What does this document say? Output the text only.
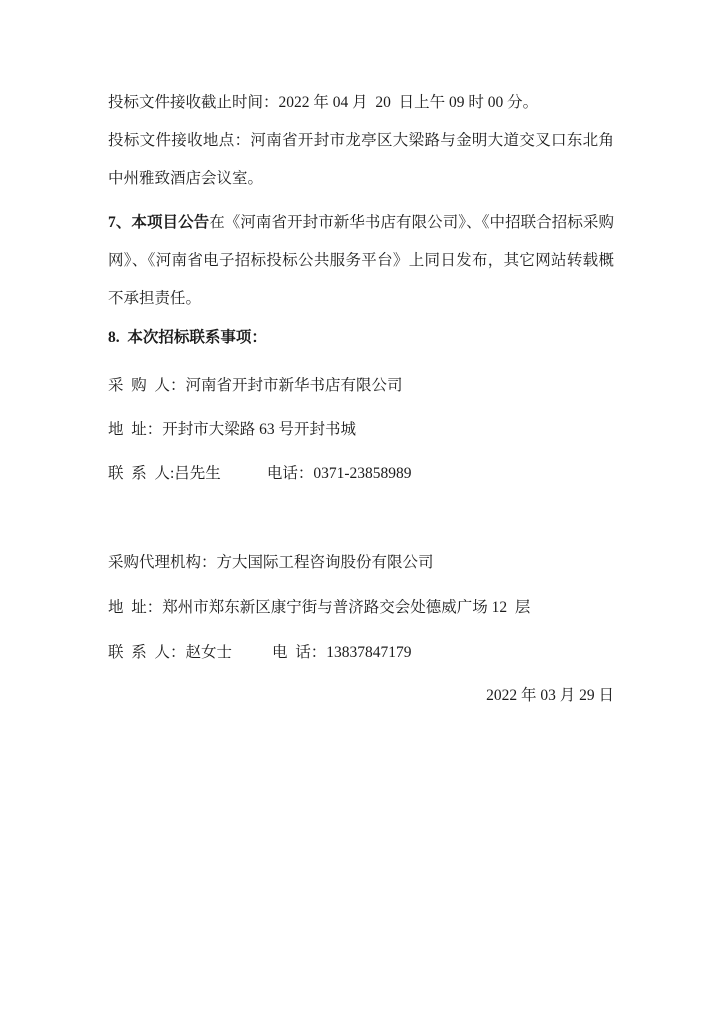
投标文件接收截止时间：2022 年 04 月  20  日上午 09 时 00 分。

投标文件接收地点：河南省开封市龙亭区大梁路与金明大道交叉口东北角中州雅致酒店会议室。

7、本项目公告在《河南省开封市新华书店有限公司》、《中招联合招标采购网》、《河南省电子招标投标公共服务平台》上同日发布，其它网站转载概不承担责任。

8.  本次招标联系事项：

采  购  人：河南省开封市新华书店有限公司

地  址：开封市大梁路 63 号开封书城

联  系  人:吕先生	电话：0371-23858989

采购代理机构：方大国际工程咨询股份有限公司

地  址：郑州市郑东新区康宁街与普济路交会处德威广场 12  层

联  系  人：赵女士	电  话：13837847179

2022 年 03 月 29 日
